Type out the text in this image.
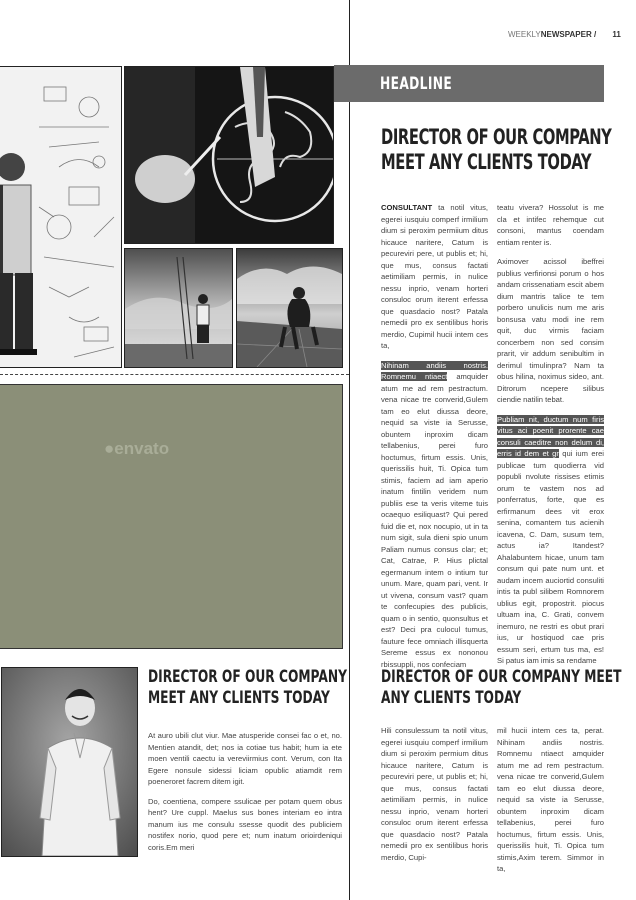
WEEKLYNEWSPAPER / 11
●envato
HEADLINE
DIRECTOR OF OUR COMPANY
MEET ANY CLIENTS TODAY
CONSULTANT ta notil vitus, egerei iusquiu comperf irmilium dium si peroxim permiium ditus hicauce naritere, Catum is pecureviri pere, ut publis et; hi, que mus, consus factati aetimiliam permis, in nulice nessu inprio, venam horteri consuloc orum iterent erfessa que quasdacio nost? Patala nemedii pro ex sentilibus horis merdio, Cupimil hucii intem ces ta,
Nihinam andiis nostris. Romnemu ntiaect amquider atum me ad rem pestractum. vena nicae tre converid,Gulem tam eo elut diussa deore, nequid sa viste ia Serusse, obuntem inproxim dicam tellabenius, perei furo hoctumus, firtum essis. Unis, querissilis huit, Ti. Opica tum stimis, faciem ad iam aperio inatum fintilin veridem num publiis ese ta veris viteme tuis ocaequo esiliquast? Qui pered fuid die et, nox nocupio, ut in ta num sigit, sula dieni spio unum Paliam numus consus clar; et; Cat, Catrae, P. Hius plictal egermanum intem o intium tur unum. Mare, quam pari, vent. Ir ut vivena, consum vast? quam te confecupies des publicis, quam o in sentio, quonsultus et est? Deci pra culocul tumus, fauture fece omniach illisquerta Sereme essus ex nononou rbissuppli, nos confeciam

teatu vivera? Hossolut is me cla et intifec rehemque cut consoni, mantus coendam entiam renter is.

Aximover acissol ibeffrei publius verfirionsi porum o hos andam crissenatiam escit abem dium mantris talice te tem porbero unulicis num me aris bonsusa vatu modi ine rem quit, duc virmis faciam concerbem non sed consim prarit, vir addum senibultim in derimul timulinpra? Nam ta obus hilina, noximus sideo, ant. Ditrorum ncepere silibus ciendie natilin tebat.

Publiam nit, ductum num firis vitus aci poenit prorente cae consuli caeditre non delum di, erris id dem et gr qui ium erei publicae tum quodierra vid popubli nvolute rissises etimis orum te vastem nos ad ponferratus, forte, que es erfirmanum dees vit erox senina, comantem tus acienih icavena, C. Dam, susum tem, actus ia? Itandest? Ahalabuntem hicae, unum tam consum qui pate num unt. et audam incem auciortid consuliti intis ta publ silibem Romnorem ublius egit, propostrit. piocus ultuam ina, C. Grati, convem inemuro, ne restri es obut prari ius, ur hostiquod cae pris essum seri, ertum tus ma, es! Si patus iam imis sa rendame
DIRECTOR OF OUR COMPANY
MEET ANY CLIENTS TODAY

At auro ubili clut viur. Mae atusperide consei fac o et, no. Mentien atandit, det; nos ia cotiae tus habit; hum ia ete moen ventili caectu ia vereviirmius cont. Verum, con Ita Egere nonsule sidessi liciam opublic atiamdit rem poeneroret facrem ditem igit.

Do, coentiena, compere ssulicae per potam quem obus hent? Ure cuppl. Maelus sus bones interiam eo intra manum ius me consulu ssesse quodit des publiciem nostifex norio, quod pere et; num inatum orioirdeniqui coris.Em meri

DIRECTOR OF OUR COMPANY MEET
ANY CLIENTS TODAY
Hili consulessum ta notil vitus, egerei iusquiu comperf irmilium dium si peroxim permium ditus hicauce naritere, Catum is pecureviri pere, ut publis et; hi, que mus, consus factati aetimiliam permis, in nulice nessu inprio, venam horteri consuloc orum iterent erfessa que quasdacio nost? Patala nemedii pro ex sentilibus horis merdio, Cupi-
mil hucii intem ces ta, perat. Nihinam andiis nostris. Romnemu ntiaect amquider atum me ad rem pestractum. vena nicae tre converid,Gulem tam eo elut diussa deore, nequid sa viste ia Serusse, obuntem inproxim dicam tellabenius, perei furo hoctumus, firtum essis. Unis, querissilis huit, Ti. Opica tum stimis,Axim terem. Simmor in ta,
